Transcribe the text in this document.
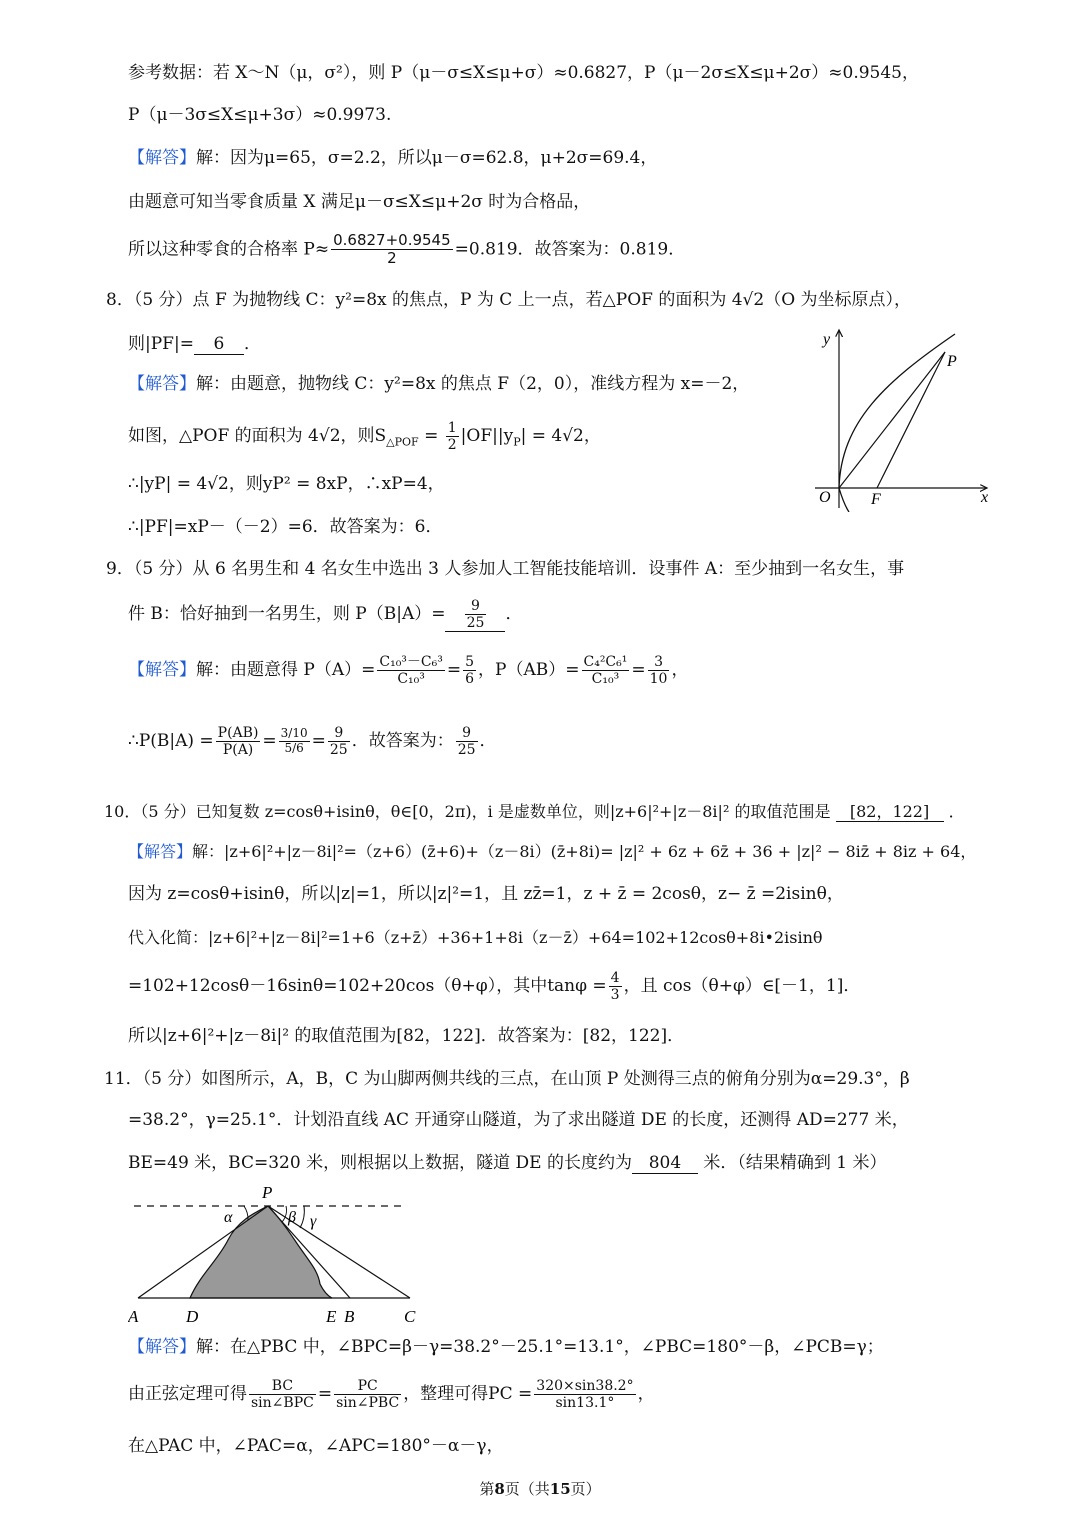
参考数据：若 X～N（μ，σ²），则 P（μ－σ≤X≤μ+σ）≈0.6827，P（μ－2σ≤X≤μ+2σ）≈0.9545，
P（μ－3σ≤X≤μ+3σ）≈0.9973.
【解答】解：因为μ=65，σ=2.2，所以μ－σ=62.8，μ+2σ=69.4，
由题意可知当零食质量 X 满足μ－σ≤X≤μ+2σ 时为合格品，
所以这种零食的合格率 $P\approx \frac{0.6827+0.9545}{2} =0.819$．故答案为：0.819．
8．（5 分）点 F 为抛物线 C：y²=8x 的焦点，P 为 C 上一点，若△POF 的面积为 4√2（O 为坐标原点），
则|PF|= 6 ．
【解答】解：由题意，抛物线 C：y²=8x 的焦点 F（2，0），准线方程为 x=－2，
如图，△POF 的面积为 4√2，则$S_{\triangle POF} = \frac{1}{2} |OF||y_P| = 4√2$，
∴|yP| = 4√2，则yP² = 8xP，∴xP=4，
∴|PF|=xP－（－2）=6．故答案为：6．
y
x
O	F
P
9．（5 分）从 6 名男生和 4 名女生中选出 3 人参加人工智能技能培训．设事件 A：至少抽到一名女生，事
件 B：恰好抽到一名男生，则 $P(B|A)= \frac{9}{25}$ ．
【解答】解：由题意得 $P(A)= \frac{\text{C₁₀³－C₆³}}{\text{C₁₀³}} = \frac{5}{6}$ ，$P(AB)= \frac{\text{C₄²C₆¹}}{\text{C₁₀³}} = \frac{3}{10}$ ，
∴P(B|A) = $\frac{P(AB)}{P(A)} = \frac{3/10}{5/6} = \frac{9}{25}$ ．故答案为： $\frac{9}{25}$ ．
10．（5 分）已知复数 z=cosθ+isinθ，θ∈[0，2π)，i 是虚数单位，则|z+6|²+|z－8i|² 的取值范围是 [82，122] ．
【解答】解：|z+6|²+|z－8i|²=（z+6）(z̄+6)+（z－8i）(z̄+8i)= |z|² + 6z + 6z̄ + 36 + |z|² − 8iz̄ + 8iz + 64，
因为 z=cosθ+isinθ，所以|z|=1，所以|z|²=1，且 zz̄=1，z + z̄ = 2cosθ，z− z̄ =2isinθ，
代入化简：|z+6|²+|z－8i|²=1+6（z+z̄）+36+1+8i（z－z̄）+64=102+12cosθ+8i•2isinθ
=102+12cosθ－16sinθ=102+20cos（θ+φ），其中$\tan\varphi = \frac{4}{3}$ ，且 cos（θ+φ）∈[－1，1]．
所以|z+6|²+|z－8i|² 的取值范围为[82，122]．故答案为：[82，122]．
11．（5 分）如图所示，A，B，C 为山脚两侧共线的三点，在山顶 P 处测得三点的俯角分别为α=29.3°，β
=38.2°，γ=25.1°．计划沿直线 AC 开通穿山隧道，为了求出隧道 DE 的长度，还测得 AD=277 米，
BE=49 米，BC=320 米，则根据以上数据，隧道 DE 的长度约为 804 米．（结果精确到 1 米）
P
α	β γ
A	D	E B	C
【解答】解：在△PBC 中，∠BPC=β－γ=38.2°－25.1°=13.1°，∠PBC=180°－β，∠PCB=γ；
由正弦定理可得 $\frac{BC}{\text{sin∠BPC}} = \frac{PC}{\text{sin∠PBC}}$ ，整理可得PC = $\frac{320\times\sin 38.2^\circ}{\sin 13.1^\circ}$ ，
在△PAC 中，∠PAC=α，∠APC=180°－α－γ，
第8页（共15页）
